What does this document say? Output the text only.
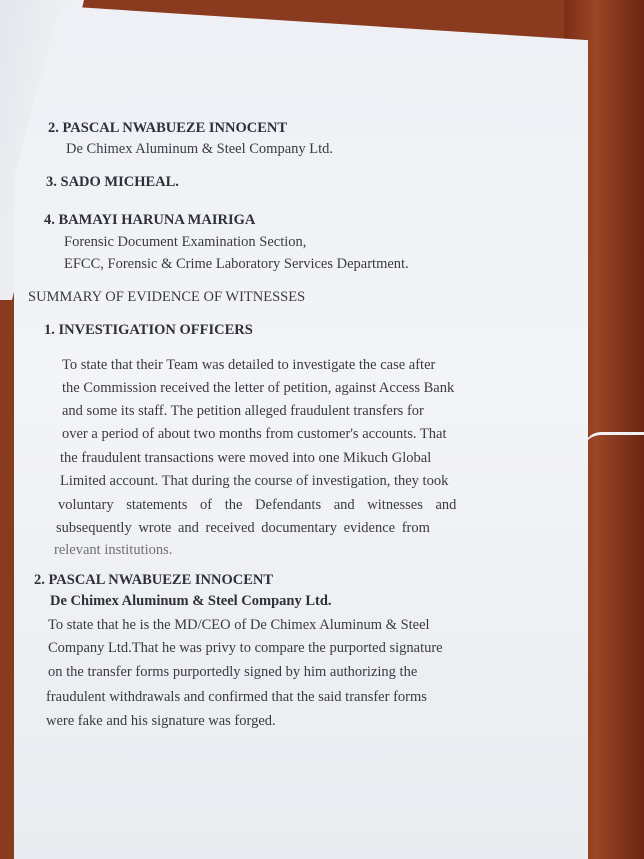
2. PASCAL NWABUEZE INNOCENT
De Chimex Aluminum & Steel Company Ltd.
3. SADO MICHEAL.
4. BAMAYI HARUNA MAIRIGA
Forensic Document Examination Section,
EFCC, Forensic & Crime Laboratory Services Department.
SUMMARY OF EVIDENCE OF WITNESSES
1. INVESTIGATION OFFICERS
To state that their Team was detailed to investigate the case after
the Commission received the letter of petition, against Access Bank
and some its staff. The petition alleged fraudulent transfers for
over a period of about two months from customer's accounts. That
the fraudulent transactions were moved into one Mikuch Global
Limited account. That during the course of investigation, they took
voluntary statements of the Defendants and witnesses and
subsequently wrote and received documentary evidence from
relevant institutions.
2. PASCAL NWABUEZE INNOCENT
De Chimex Aluminum & Steel Company Ltd.
To state that he is the MD/CEO of De Chimex Aluminum & Steel
Company Ltd.That he was privy to compare the purported signature
on the transfer forms purportedly signed by him authorizing the
fraudulent withdrawals and confirmed that the said transfer forms
were fake and his signature was forged.
